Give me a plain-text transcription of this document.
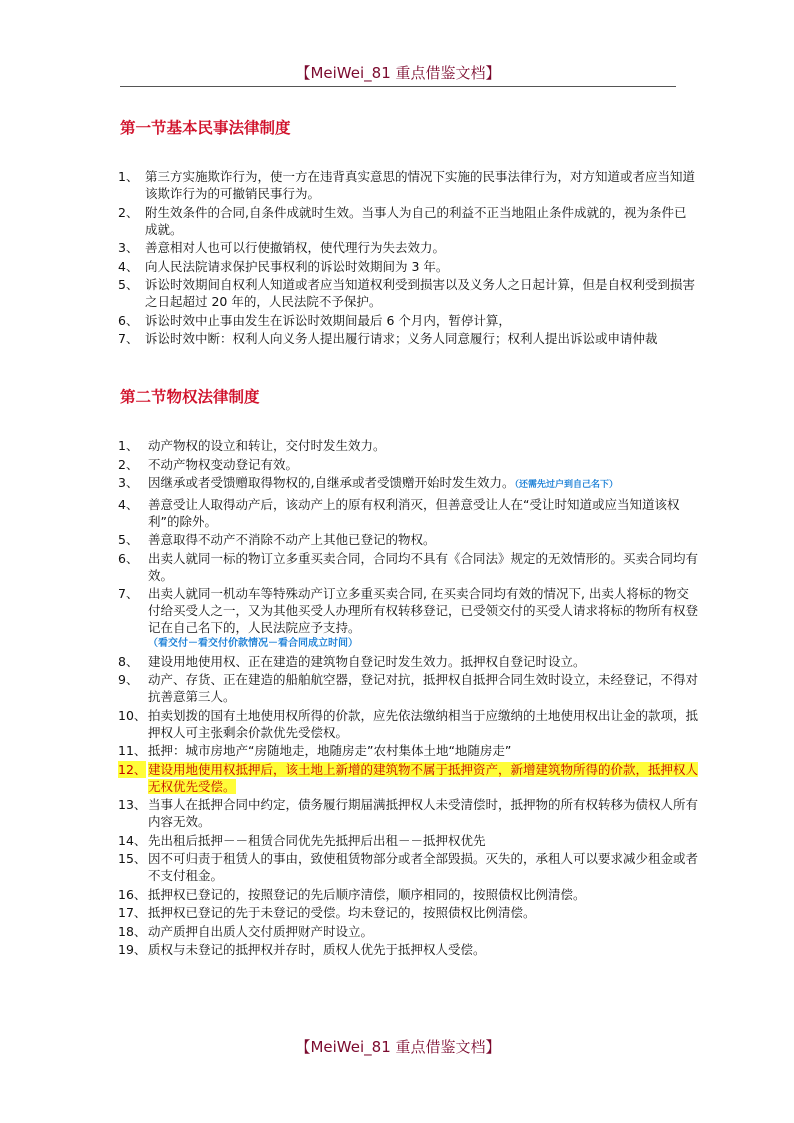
【MeiWei_81 重点借鉴文档】
第一节基本民事法律制度
1、 第三方实施欺诈行为，使一方在违背真实意思的情况下实施的民事法律行为，对方知道或者应当知道该欺诈行为的可撤销民事行为。
2、 附生效条件的合同,自条件成就时生效。当事人为自己的利益不正当地阻止条件成就的，视为条件已成就。
3、 善意相对人也可以行使撤销权，使代理行为失去效力。
4、 向人民法院请求保护民事权利的诉讼时效期间为 3 年。
5、 诉讼时效期间自权利人知道或者应当知道权利受到损害以及义务人之日起计算，但是自权利受到损害之日起超过 20 年的，人民法院不予保护。
6、 诉讼时效中止事由发生在诉讼时效期间最后 6 个月内，暂停计算，
7、 诉讼时效中断：权利人向义务人提出履行请求；义务人同意履行；权利人提出诉讼或申请仲裁
第二节物权法律制度
1、 动产物权的设立和转让，交付时发生效力。
2、 不动产物权变动登记有效。
3、 因继承或者受馈赠取得物权的,自继承或者受馈赠开始时发生效力。（还需先过户到自己名下）
4、 善意受让人取得动产后，该动产上的原有权利消灭，但善意受让人在“受让时知道或应当知道该权利”的除外。
5、 善意取得不动产不消除不动产上其他已登记的物权。
6、 出卖人就同一标的物订立多重买卖合同，合同均不具有《合同法》规定的无效情形的。买卖合同均有效。
7、 出卖人就同一机动车等特殊动产订立多重买卖合同, 在买卖合同均有效的情况下, 出卖人将标的物交付给买受人之一，又为其他买受人办理所有权转移登记，已受领交付的买受人请求将标的物所有权登记在自己名下的，人民法院应予支持。
（看交付－看交付价款情况－看合同成立时间）
8、 建设用地使用权、正在建造的建筑物自登记时发生效力。抵押权自登记时设立。
9、 动产、存货、正在建造的船舶航空器，登记对抗，抵押权自抵押合同生效时设立，未经登记，不得对抗善意第三人。
10、 拍卖划拨的国有土地使用权所得的价款，应先依法缴纳相当于应缴纳的土地使用权出让金的款项，抵押权人可主张剩余价款优先受偿权。
11、 抵押：城市房地产“房随地走，地随房走”农村集体土地“地随房走”
12、 建设用地使用权抵押后，该土地上新增的建筑物不属于抵押资产，新增建筑物所得的价款，抵押权人无权优先受偿。
13、 当事人在抵押合同中约定，债务履行期届满抵押权人未受清偿时，抵押物的所有权转移为债权人所有内容无效。
14、 先出租后抵押－－租赁合同优先先抵押后出租－－抵押权优先
15、 因不可归责于租赁人的事由，致使租赁物部分或者全部毁损。灭失的，承租人可以要求减少租金或者不支付租金。
16、 抵押权已登记的，按照登记的先后顺序清偿，顺序相同的，按照债权比例清偿。
17、 抵押权已登记的先于未登记的受偿。均未登记的，按照债权比例清偿。
18、 动产质押自出质人交付质押财产时设立。
19、 质权与未登记的抵押权并存时，质权人优先于抵押权人受偿。
【MeiWei_81 重点借鉴文档】
